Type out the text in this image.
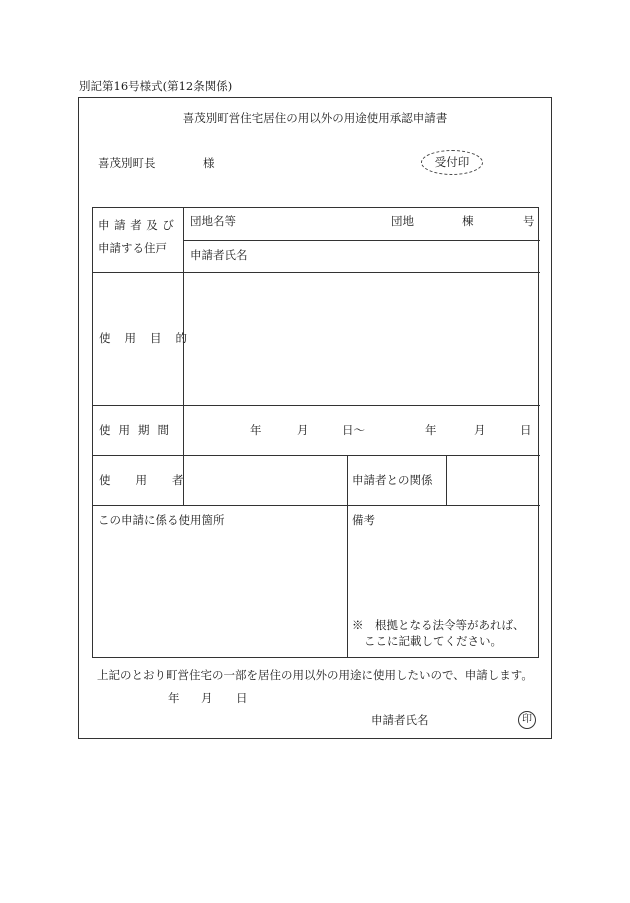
別記第16号様式(第12条関係)
喜茂別町営住宅居住の用以外の用途使用承認申請書
喜茂別町長	様	受付印
申請者及び
申請する住戸
団地名等	団地	棟	号
申請者氏名
使用目的
使用期間	年	月	日〜	年	月	日
使用者	申請者との関係
この申請に係る使用箇所	備考
※　根拠となる法令等があれば、
ここに記載してください。
上記のとおり町営住宅の一部を居住の用以外の用途に使用したいので、申請します。
年 月 日
申請者氏名	印
